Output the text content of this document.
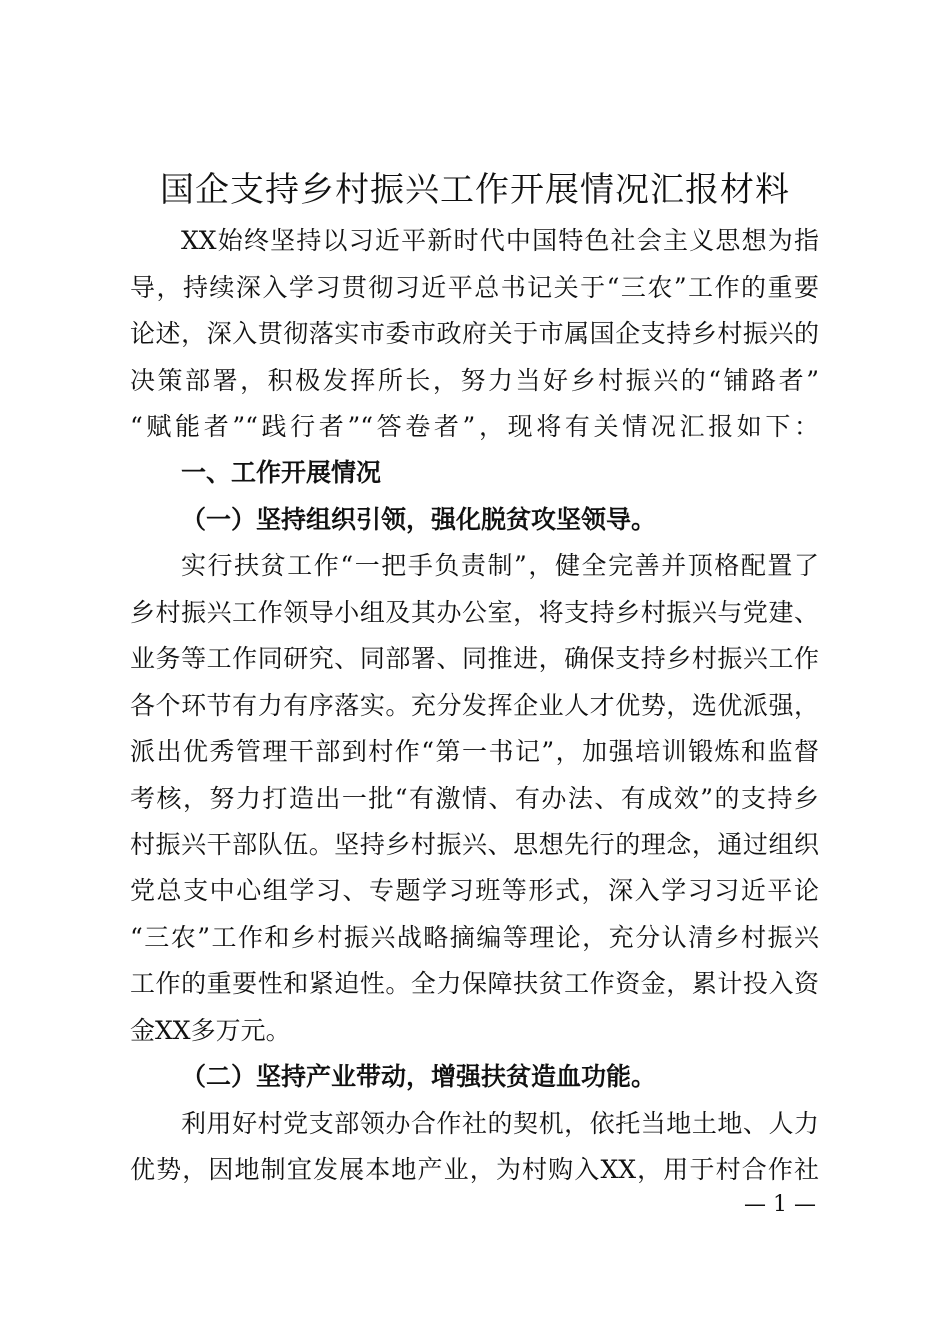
国企支持乡村振兴工作开展情况汇报材料
XX始终坚持以习近平新时代中国特色社会主义思想为指
导，持续深入学习贯彻习近平总书记关于“三农”工作的重要
论述，深入贯彻落实市委市政府关于市属国企支持乡村振兴的
决策部署，积极发挥所长，努力当好乡村振兴的“铺路者”
“赋能者”“践行者”“答卷者”，现将有关情况汇报如下：
一、工作开展情况
（一）坚持组织引领，强化脱贫攻坚领导。
实行扶贫工作“一把手负责制”，健全完善并顶格配置了
乡村振兴工作领导小组及其办公室，将支持乡村振兴与党建、
业务等工作同研究、同部署、同推进，确保支持乡村振兴工作
各个环节有力有序落实。充分发挥企业人才优势，选优派强，
派出优秀管理干部到村作“第一书记”，加强培训锻炼和监督
考核，努力打造出一批“有激情、有办法、有成效”的支持乡
村振兴干部队伍。坚持乡村振兴、思想先行的理念，通过组织
党总支中心组学习、专题学习班等形式，深入学习习近平论
“三农”工作和乡村振兴战略摘编等理论，充分认清乡村振兴
工作的重要性和紧迫性。全力保障扶贫工作资金，累计投入资
金XX多万元。
（二）坚持产业带动，增强扶贫造血功能。
利用好村党支部领办合作社的契机，依托当地土地、人力
优势，因地制宜发展本地产业，为村购入XX，用于村合作社
— 1 —
